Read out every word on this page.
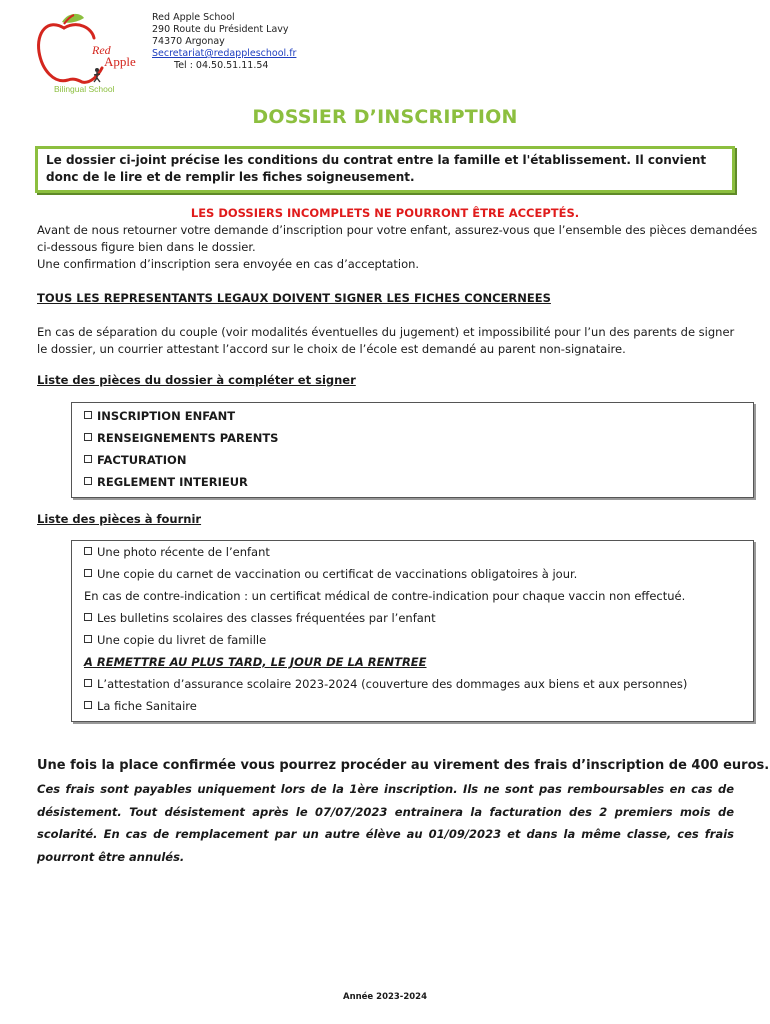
Red
Apple
Bilingual School
Red Apple School
290 Route du Président Lavy
74370 Argonay
Secretariat@redappleschool.fr
Tel : 04.50.51.11.54
DOSSIER D’INSCRIPTION
Le dossier ci-joint précise les conditions du contrat entre la famille et l'établissement. Il convient donc de le lire et de remplir les fiches soigneusement.
LES DOSSIERS INCOMPLETS NE POURRONT ÊTRE ACCEPTÉS.
Avant de nous retourner votre demande d’inscription pour votre enfant, assurez-vous que l’ensemble des pièces demandées
ci-dessous figure bien dans le dossier.
Une confirmation d’inscription sera envoyée en cas d’acceptation.
TOUS LES REPRESENTANTS LEGAUX DOIVENT SIGNER LES FICHES CONCERNEES
En cas de séparation du couple (voir modalités éventuelles du jugement) et impossibilité pour l’un des parents de signer le dossier, un courrier attestant l’accord sur le choix de l’école est demandé au parent non-signataire.
Liste des pièces du dossier à compléter et signer
INSCRIPTION ENFANT
RENSEIGNEMENTS PARENTS
FACTURATION
REGLEMENT INTERIEUR
Liste des pièces à fournir
Une photo récente de l’enfant
Une copie du carnet de vaccination ou certificat de vaccinations obligatoires à jour.
En cas de contre-indication : un certificat médical de contre-indication pour chaque vaccin non effectué.
Les bulletins scolaires des classes fréquentées par l’enfant
Une copie du livret de famille
A REMETTRE AU PLUS TARD, LE JOUR DE LA RENTREE
L’attestation d’assurance scolaire 2023-2024 (couverture des dommages aux biens et aux personnes)
La fiche Sanitaire
Une fois la place confirmée vous pourrez procéder au virement des frais d’inscription de 400 euros.
Ces frais sont payables uniquement lors de la 1ère inscription. Ils ne sont pas remboursables en cas de désistement. Tout désistement après le 07/07/2023 entrainera la facturation des 2 premiers mois de scolarité. En cas de remplacement par un autre élève au 01/09/2023 et dans la même classe, ces frais pourront être annulés.
Année 2023-2024
